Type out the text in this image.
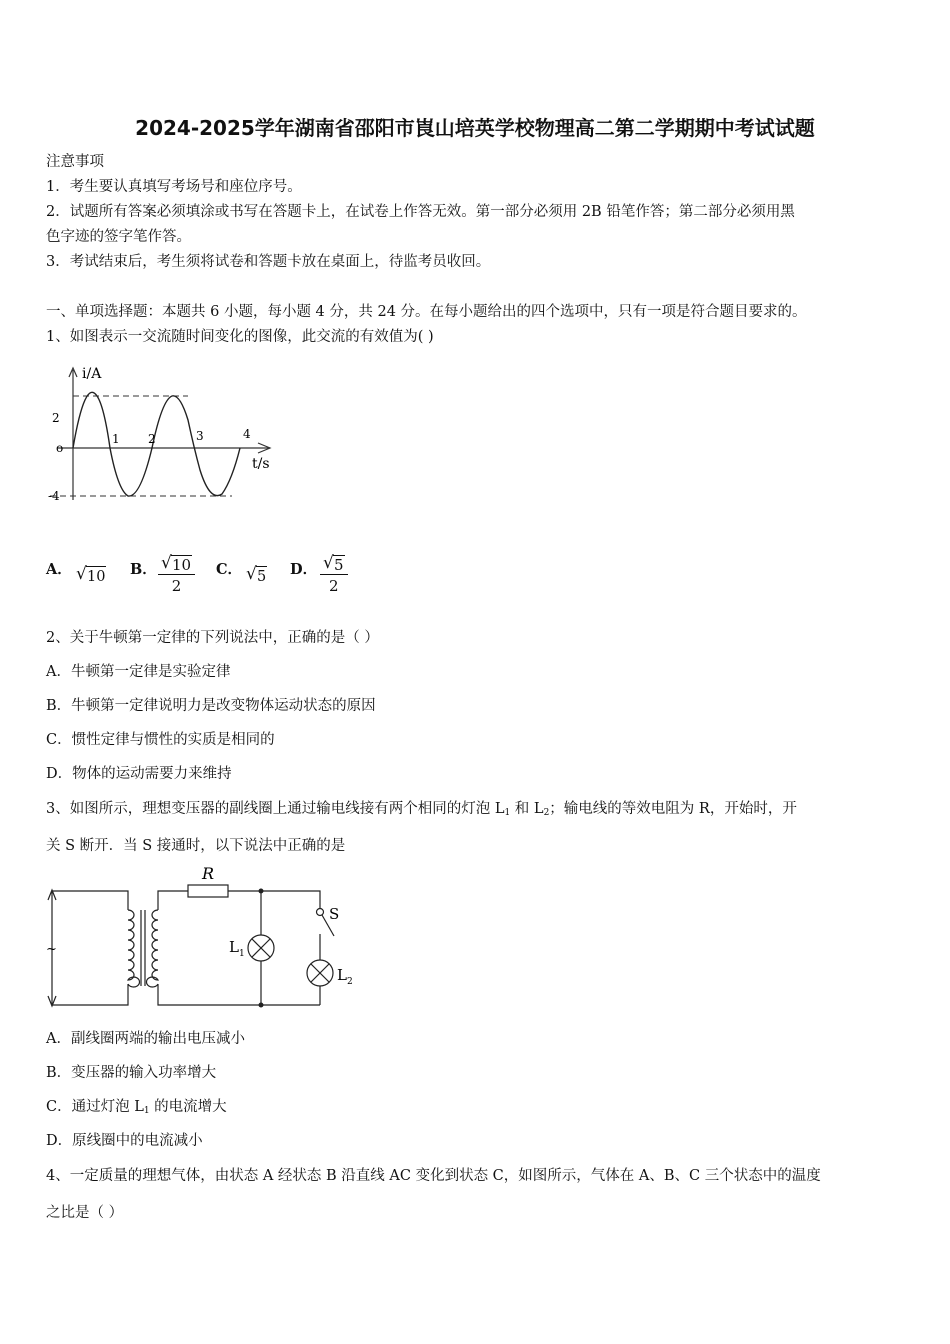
2024-2025学年湖南省邵阳市崀山培英学校物理高二第二学期期中考试试题
注意事项
1．考生要认真填写考场号和座位序号。
2．试题所有答案必须填涂或书写在答题卡上，在试卷上作答无效。第一部分必须用 2B 铅笔作答；第二部分必须用黑
色字迹的签字笔作答。
3．考试结束后，考生须将试卷和答题卡放在桌面上，待监考员收回。
一、单项选择题：本题共 6 小题，每小题 4 分，共 24 分。在每小题给出的四个选项中，只有一项是符合题目要求的。
1、如图表示一交流随时间变化的图像，此交流的有效值为( )
i/A
2
o
-4
1 2	3	4
t/s
A． √ 10 B． $\frac{√ 10}{2}$ C． √ 5 D． $\frac{√ 5}{2}$
2、关于牛顿第一定律的下列说法中，正确的是（ ）
A．牛顿第一定律是实验定律
B．牛顿第一定律说明力是改变物体运动状态的原因
C．惯性定律与惯性的实质是相同的
D．物体的运动需要力来维持
3、如图所示，理想变压器的副线圈上通过输电线接有两个相同的灯泡 $L_1$ 和 $L_2$；输电线的等效电阻为 R，开始时，开
关 S 断开．当 S 接通时，以下说法中正确的是
~
R
$L_1$
S
$L_2$
A．副线圈两端的输出电压减小
B．变压器的输入功率增大
C．通过灯泡 $L_1$ 的电流增大
D．原线圈中的电流减小
4、一定质量的理想气体，由状态 A 经状态 B 沿直线 AC 变化到状态 C，如图所示，气体在 A、B、C 三个状态中的温度
之比是（ ）
